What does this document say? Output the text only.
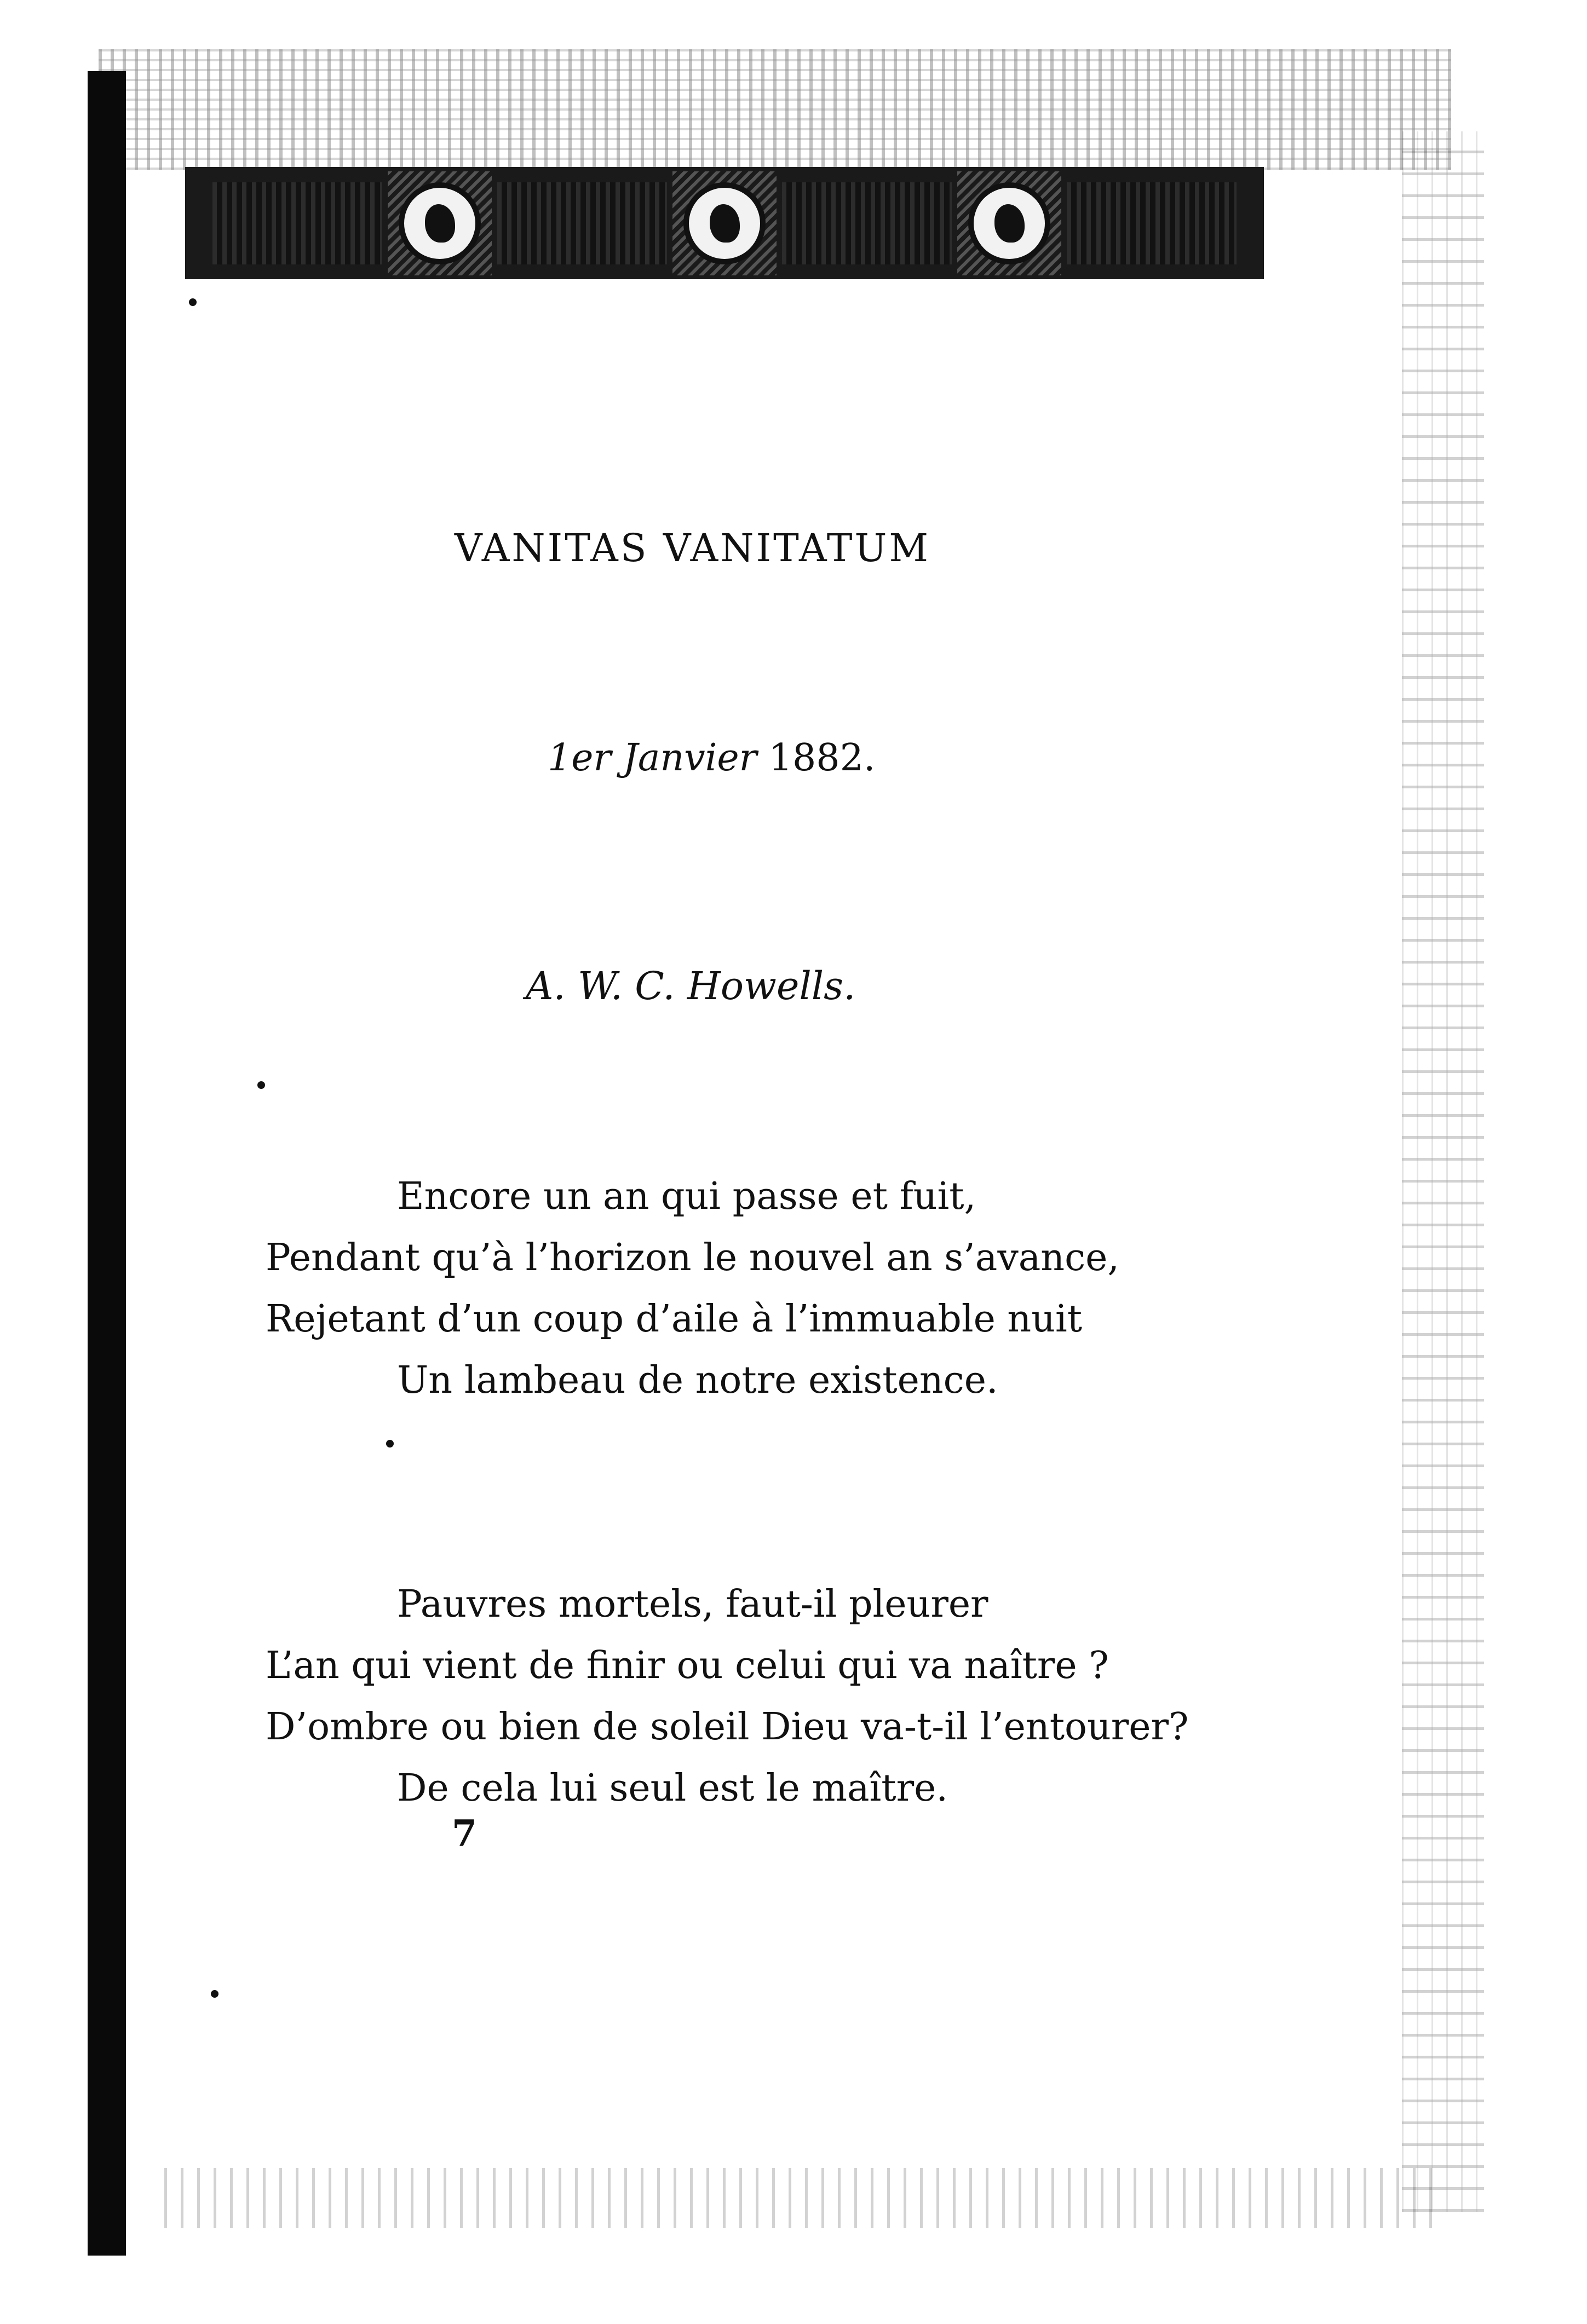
VANITAS VANITATUM
1er Janvier 1882.
A. W. C. Howells.
Encore un an qui passe et fuit,
Pendant qu’à l’horizon le nouvel an s’avance,
Rejetant d’un coup d’aile à l’immuable nuit
Un lambeau de notre existence.
Pauvres mortels, faut-il pleurer
L’an qui vient de finir ou celui qui va naître ?
D’ombre ou bien de soleil Dieu va-t-il l’entourer?
De cela lui seul est le maître.
7
